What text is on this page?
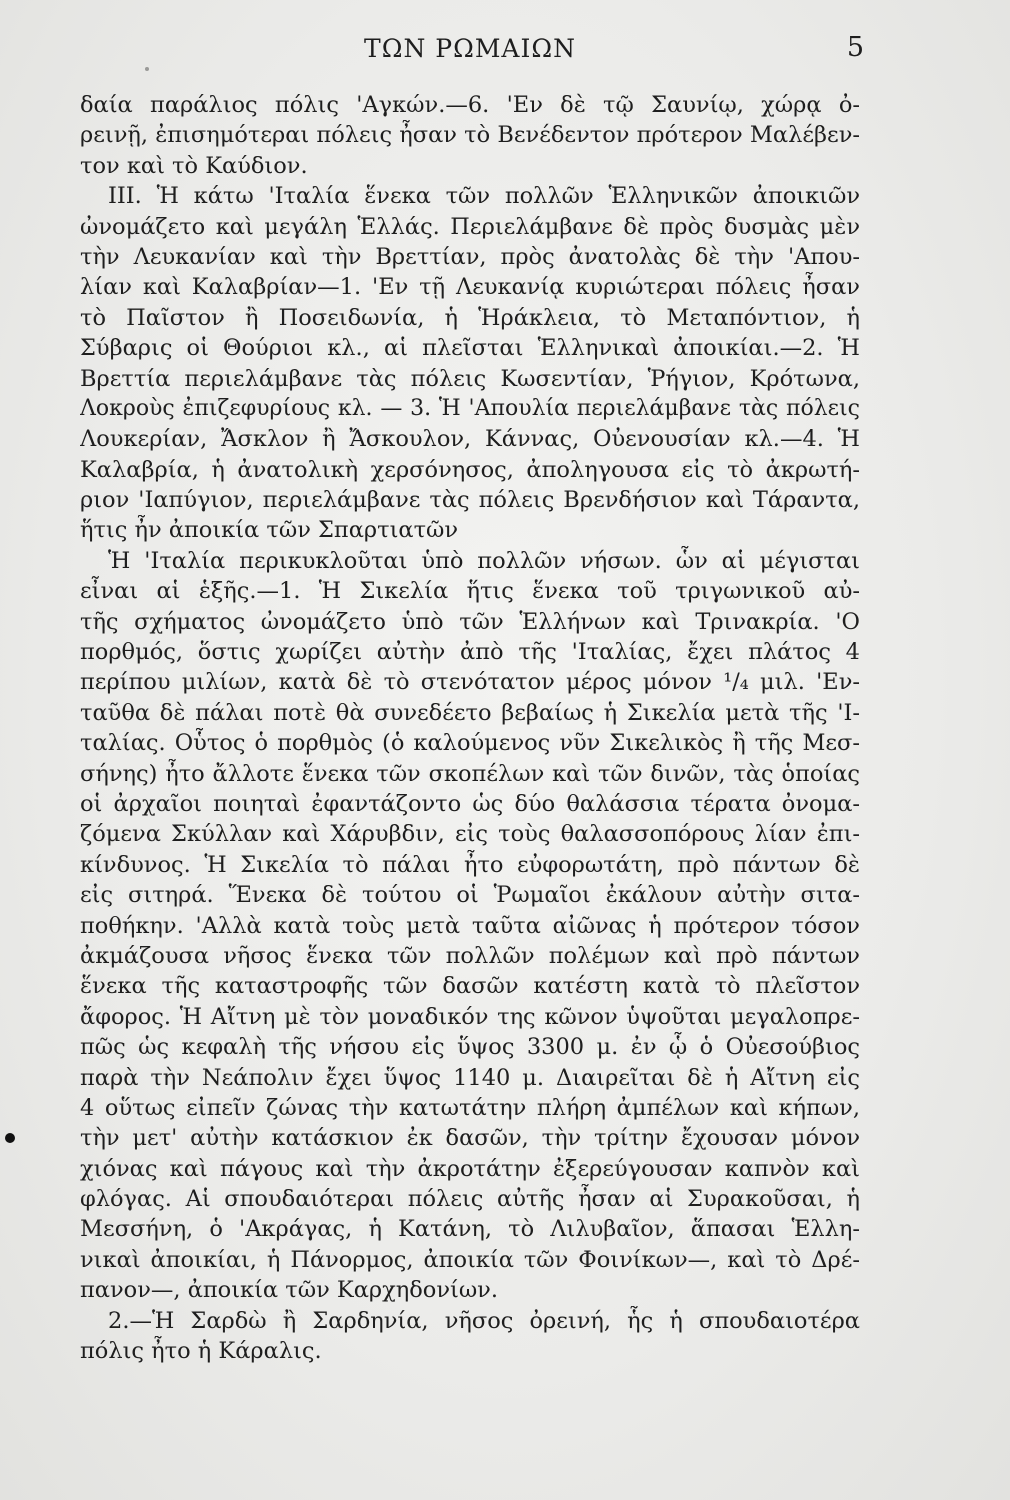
ΤΩΝ ΡΩΜΑΙΩΝ	5
δαία παράλιος πόλις 'Αγκών.—6. 'Εν δὲ τῷ Σαυνίῳ, χώρᾳ ὀ-
ρεινῇ, ἐπισημότεραι πόλεις ἦσαν τὸ Βενέδεντον πρότερον Μαλέβεν-
τον καὶ τὸ Καύδιον.
III. Ἡ κάτω 'Ιταλία ἕνεκα τῶν πολλῶν Ἑλληνικῶν ἀποικιῶν
ὠνομάζετο καὶ μεγάλη Ἑλλάς. Περιελάμβανε δὲ πρὸς δυσμὰς μὲν
τὴν Λευκανίαν καὶ τὴν Βρεττίαν, πρὸς ἀνατολὰς δὲ τὴν 'Απου-
λίαν καὶ Καλαβρίαν—1. 'Εν τῇ Λευκανίᾳ κυριώτεραι πόλεις ἦσαν
τὸ Παῖστον ἢ Ποσειδωνία, ἡ Ἡράκλεια, τὸ Μεταπόντιον, ἡ
Σύβαρις οἱ Θούριοι κλ., αἱ πλεῖσται Ἑλληνικαὶ ἀποικίαι.—2. Ἡ
Βρεττία περιελάμβανε τὰς πόλεις Κωσεντίαν, Ῥήγιον, Κρότωνα,
Λοκροὺς ἐπιζεφυρίους κλ. — 3. Ἡ 'Απουλία περιελάμβανε τὰς πόλεις
Λουκερίαν, Ἄσκλον ἢ Ἄσκουλον, Κάννας, Οὐενουσίαν κλ.—4. Ἡ
Καλαβρία, ἡ ἀνατολικὴ χερσόνησος, ἀποληγουσα εἰς τὸ ἀκρωτή-
ριον 'Ιαπύγιον, περιελάμβανε τὰς πόλεις Βρενδήσιον καὶ Τάραντα,
ἥτις ἦν ἀποικία τῶν Σπαρτιατῶν
Ἡ 'Ιταλία περικυκλοῦται ὑπὸ πολλῶν νήσων. ὧν αἱ μέγισται
εἶναι αἱ ἑξῆς.—1. Ἡ Σικελία ἥτις ἕνεκα τοῦ τριγωνικοῦ αὐ-
τῆς σχήματος ὠνομάζετο ὑπὸ τῶν Ἑλλήνων καὶ Τρινακρία. 'Ο
πορθμός, ὅστις χωρίζει αὐτὴν ἀπὸ τῆς 'Ιταλίας, ἔχει πλάτος 4
περίπου μιλίων, κατὰ δὲ τὸ στενότατον μέρος μόνον ¹/₄ μιλ. 'Εν-
ταῦθα δὲ πάλαι ποτὲ θὰ συνεδέετο βεβαίως ἡ Σικελία μετὰ τῆς 'Ι-
ταλίας. Οὗτος ὁ πορθμὸς (ὁ καλούμενος νῦν Σικελικὸς ἢ τῆς Μεσ-
σήνης) ἦτο ἄλλοτε ἕνεκα τῶν σκοπέλων καὶ τῶν δινῶν, τὰς ὁποίας
οἱ ἀρχαῖοι ποιηταὶ ἐφαντάζοντο ὡς δύο θαλάσσια τέρατα ὀνομα-
ζόμενα Σκύλλαν καὶ Χάρυβδιν, εἰς τοὺς θαλασσοπόρους λίαν ἐπι-
κίνδυνος. Ἡ Σικελία τὸ πάλαι ἦτο εὐφορωτάτη, πρὸ πάντων δὲ
εἰς σιτηρά. Ἕνεκα δὲ τούτου οἱ Ῥωμαῖοι ἐκάλουν αὐτὴν σιτα-
ποθήκην. 'Αλλὰ κατὰ τοὺς μετὰ ταῦτα αἰῶνας ἡ πρότερον τόσον
ἀκμάζουσα νῆσος ἕνεκα τῶν πολλῶν πολέμων καὶ πρὸ πάντων
ἕνεκα τῆς καταστροφῆς τῶν δασῶν κατέστη κατὰ τὸ πλεῖστον
ἄφορος. Ἡ Αἴτνη μὲ τὸν μοναδικόν της κῶνον ὑψοῦται μεγαλοπρε-
πῶς ὡς κεφαλὴ τῆς νήσου εἰς ὕψος 3300 μ. ἐν ᾧ ὁ Οὐεσούβιος
παρὰ τὴν Νεάπολιν ἔχει ὕψος 1140 μ. Διαιρεῖται δὲ ἡ Αἴτνη εἰς
4 οὕτως εἰπεῖν ζώνας τὴν κατωτάτην πλήρη ἀμπέλων καὶ κήπων,
τὴν μετ' αὐτὴν κατάσκιον ἐκ δασῶν, τὴν τρίτην ἔχουσαν μόνον
χιόνας καὶ πάγους καὶ τὴν ἀκροτάτην ἐξερεύγουσαν καπνὸν καὶ
φλόγας. Αἱ σπουδαιότεραι πόλεις αὐτῆς ἦσαν αἱ Συρακοῦσαι, ἡ
Μεσσήνη, ὁ 'Ακράγας, ἡ Κατάνη, τὸ Λιλυβαῖον, ἅπασαι Ἑλλη-
νικαὶ ἀποικίαι, ἡ Πάνορμος, ἀποικία τῶν Φοινίκων—, καὶ τὸ Δρέ-
πανον—, ἀποικία τῶν Καρχηδονίων.
2.—Ἡ Σαρδὼ ἢ Σαρδηνία, νῆσος ὀρεινή, ἧς ἡ σπουδαιοτέρα
πόλις ἦτο ἡ Κάραλις.
